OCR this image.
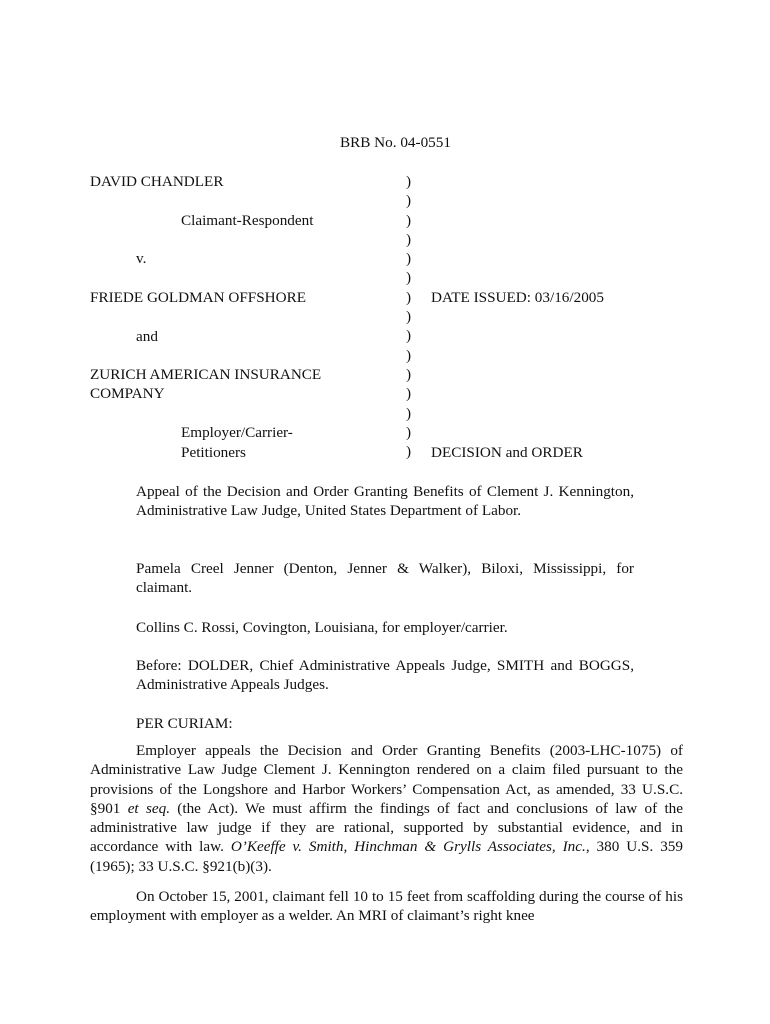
BRB No. 04-0551
DAVID CHANDLER
Claimant-Respondent
v.
FRIEDE GOLDMAN OFFSHORE
and
ZURICH AMERICAN INSURANCE
COMPANY
Employer/Carrier-
Petitioners
)
)
)
)
)
)
)
)
)
)
)
)
)
)
)
DATE ISSUED: 03/16/2005
DECISION and ORDER
Appeal of the Decision and Order Granting Benefits of Clement J. Kennington, Administrative Law Judge, United States Department of Labor.
Pamela Creel Jenner (Denton, Jenner & Walker), Biloxi, Mississippi, for claimant.
Collins C. Rossi, Covington, Louisiana, for employer/carrier.
Before: DOLDER, Chief Administrative Appeals Judge, SMITH and BOGGS, Administrative Appeals Judges.
PER CURIAM:
Employer appeals the Decision and Order Granting Benefits (2003-LHC-1075) of Administrative Law Judge Clement J. Kennington rendered on a claim filed pursuant to the provisions of the Longshore and Harbor Workers’ Compensation Act, as amended, 33 U.S.C. §901 et seq. (the Act). We must affirm the findings of fact and conclusions of law of the administrative law judge if they are rational, supported by substantial evidence, and in accordance with law. O’Keeffe v. Smith, Hinchman & Grylls Associates, Inc., 380 U.S. 359 (1965); 33 U.S.C. §921(b)(3).
On October 15, 2001, claimant fell 10 to 15 feet from scaffolding during the course of his employment with employer as a welder. An MRI of claimant’s right knee
